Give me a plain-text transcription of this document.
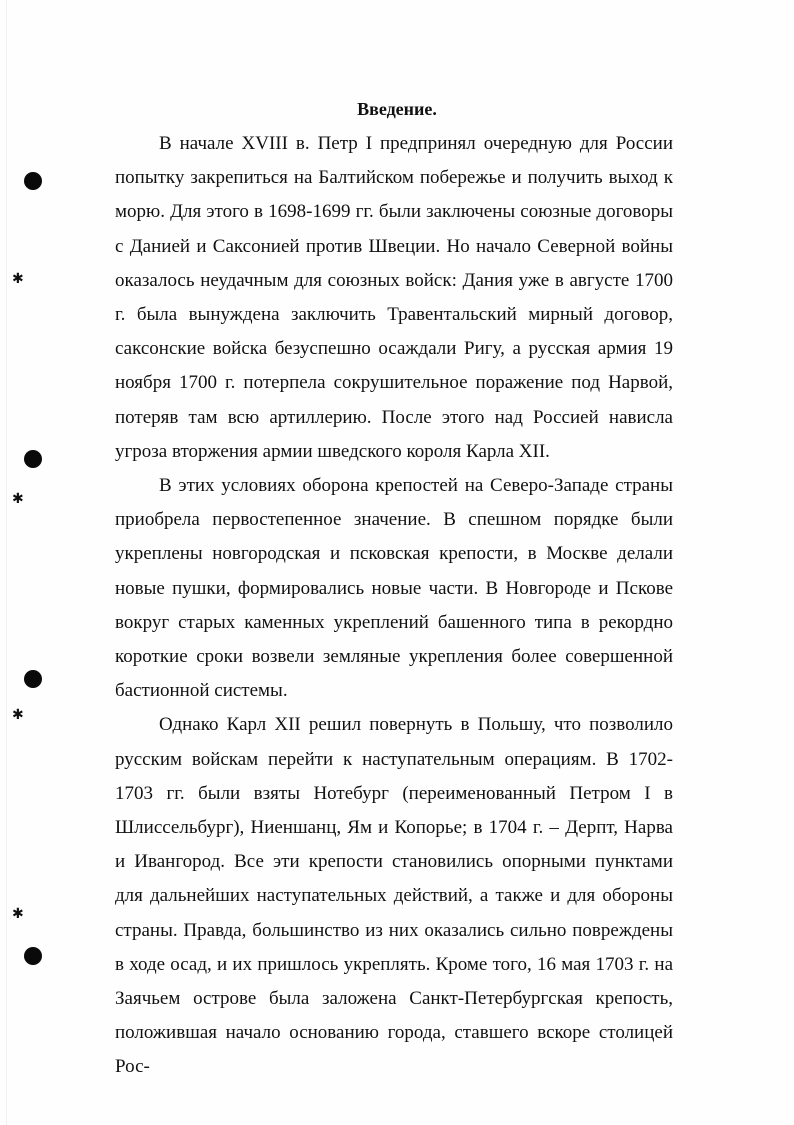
✱
✱
✱
✱
Введение.

В начале XVIII в. Петр I предпринял очередную для России попытку закрепиться на Балтийском побережье и получить выход к морю. Для этого в 1698-1699 гг. были заключены союзные договоры с Данией и Саксонией против Швеции. Но начало Северной войны оказалось неудачным для союзных войск: Дания уже в августе 1700 г. была вынуждена заключить Травентальский мирный договор, саксонские войска безуспешно осаждали Ригу, а русская армия 19 ноября 1700 г. потерпела сокрушительное поражение под Нарвой, потеряв там всю артиллерию. После этого над Россией нависла угроза вторжения армии шведского короля Карла XII.

В этих условиях оборона крепостей на Северо-Западе страны приобрела первостепенное значение. В спешном порядке были укреплены новгородская и псковская крепости, в Москве делали новые пушки, формировались новые части. В Новгороде и Пскове вокруг старых каменных укреплений башенного типа в рекордно короткие сроки возвели земляные укрепления более совершенной бастионной системы.

Однако Карл XII решил повернуть в Польшу, что позволило русским войскам перейти к наступательным операциям. В 1702-1703 гг. были взяты Нотебург (переименованный Петром I в Шлиссельбург), Ниеншанц, Ям и Копорье; в 1704 г. – Дерпт, Нарва и Ивангород. Все эти крепости становились опорными пунктами для дальнейших наступательных действий, а также и для обороны страны. Правда, большинство из них оказались сильно повреждены в ходе осад, и их пришлось укреплять. Кроме того, 16 мая 1703 г. на Заячьем острове была заложена Санкт-Петербургская крепость, положившая начало основанию города, ставшего вскоре столицей Рос-
